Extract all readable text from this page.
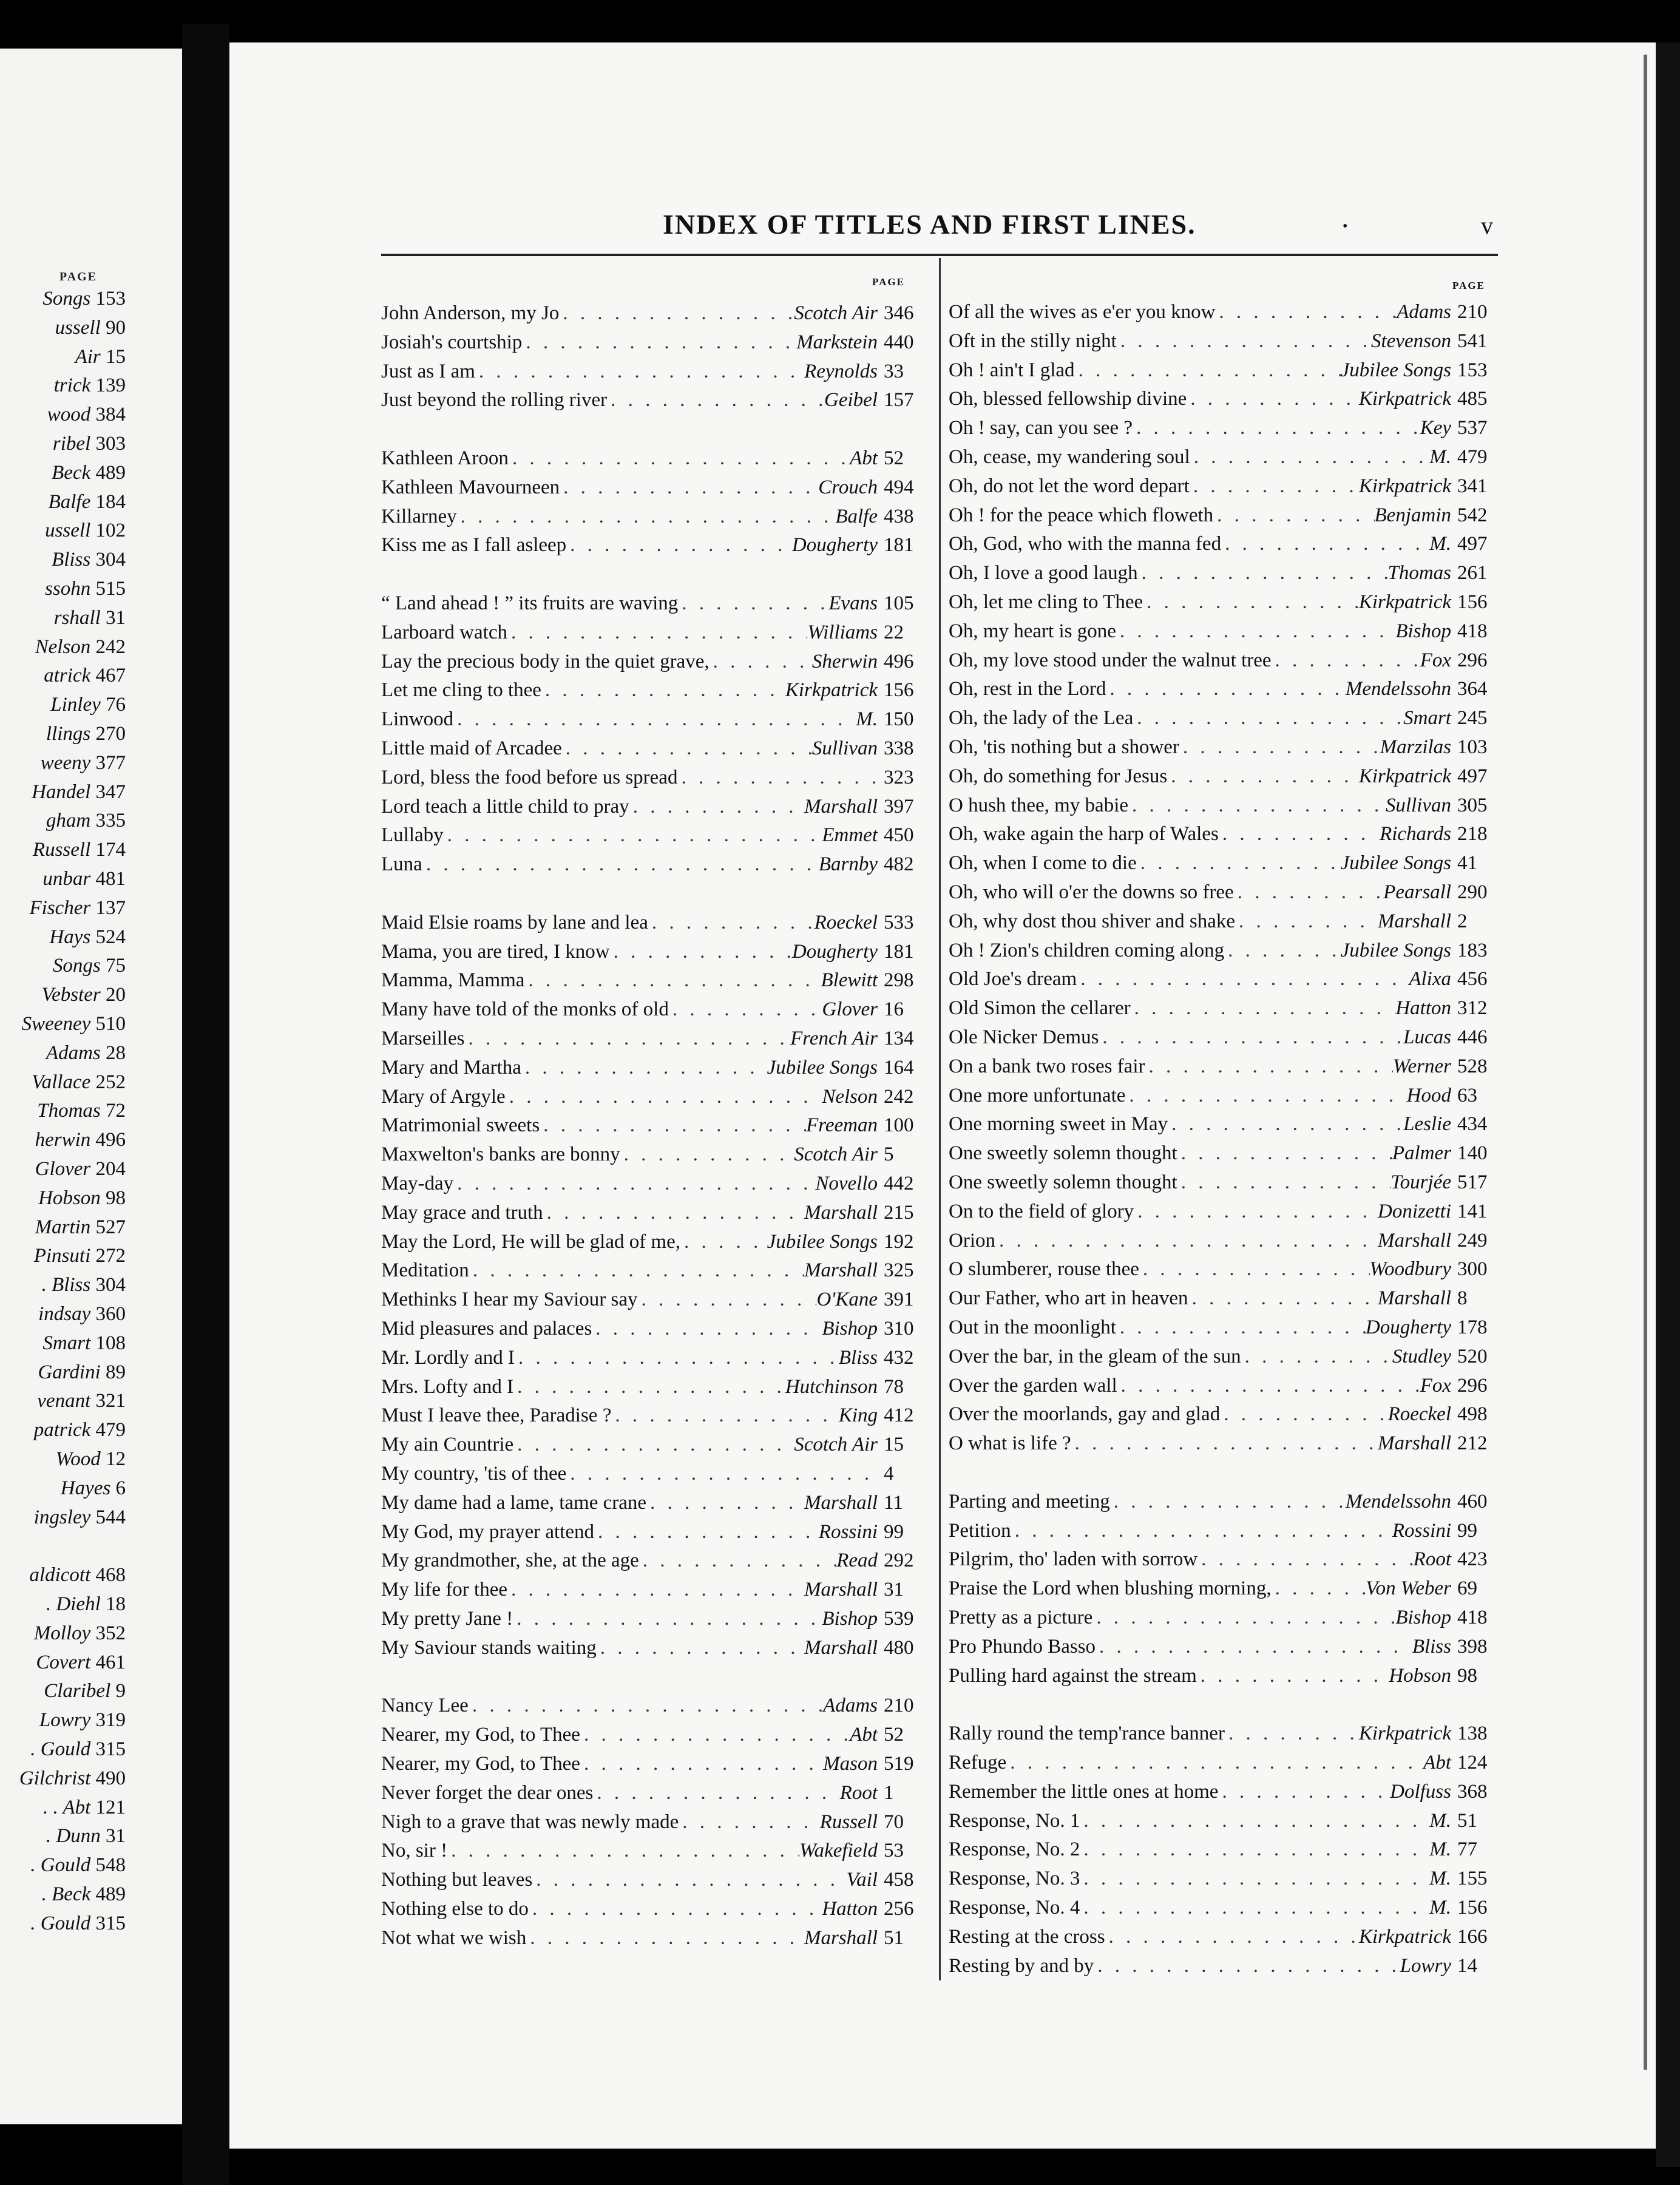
PAGE
Songs 153
ussell 90
Air 15
trick 139
wood 384
ribel 303
Beck 489
Balfe 184
ussell 102
Bliss 304
ssohn 515
rshall 31
Nelson 242
atrick 467
Linley 76
llings 270
weeny 377
Handel 347
gham 335
Russell 174
unbar 481
Fischer 137
Hays 524
Songs 75
Vebster 20
Sweeney 510
Adams 28
Vallace 252
Thomas 72
herwin 496
Glover 204
Hobson 98
Martin 527
Pinsuti 272
. Bliss 304
indsay 360
Smart 108
Gardini 89
venant 321
patrick 479
Wood 12
Hayes 6
ingsley 544
aldicott 468
. Diehl 18
Molloy 352
Covert 461
Claribel 9
Lowry 319
. Gould 315
Gilchrist 490
. . Abt 121
. Dunn 31
. Gould 548
. Beck 489
. Gould 315
INDEX OF TITLES AND FIRST LINES.	•	v
PAGE	PAGE
John Anderson, my Jo . . .	Scotch Air 346
Josiah's courtship . . .	Markstein 440
Just as I am . . .	Reynolds 33
Just beyond the rolling river . . .	Geibel 157
Kathleen Aroon . . .	Abt 52
Kathleen Mavourneen . . .	Crouch 494
Killarney . . .	Balfe 438
Kiss me as I fall asleep . . .	Dougherty 181
“ Land ahead ! ” its fruits are waving . . .	Evans 105
Larboard watch . . .	Williams 22
Lay the precious body in the quiet grave, . . .	Sherwin 496
Let me cling to thee . . .	Kirkpatrick 156
Linwood . . .	M. 150
Little maid of Arcadee . . .	Sullivan 338
Lord, bless the food before us spread . . .	323
Lord teach a little child to pray . . .	Marshall 397
Lullaby . . .	Emmet 450
Luna . . .	Barnby 482
Maid Elsie roams by lane and lea . . .	Roeckel 533
Mama, you are tired, I know . . .	Dougherty 181
Mamma, Mamma . . .	Blewitt 298
Many have told of the monks of old . . .	Glover 16
Marseilles . . .	French Air 134
Mary and Martha . . .	Jubilee Songs 164
Mary of Argyle . . .	Nelson 242
Matrimonial sweets . . .	Freeman 100
Maxwelton's banks are bonny . . .	Scotch Air 5
May-day . . .	Novello 442
May grace and truth . . .	Marshall 215
May the Lord, He will be glad of me, . . .	Jubilee Songs 192
Meditation . . .	Marshall 325
Methinks I hear my Saviour say . . .	O'Kane 391
Mid pleasures and palaces . . .	Bishop 310
Mr. Lordly and I . . .	Bliss 432
Mrs. Lofty and I . . .	Hutchinson 78
Must I leave thee, Paradise ? . . .	King 412
My ain Countrie . . .	Scotch Air 15
My country, 'tis of thee . . .	4
My dame had a lame, tame crane . . .	Marshall 11
My God, my prayer attend . . .	Rossini 99
My grandmother, she, at the age . . .	Read 292
My life for thee . . .	Marshall 31
My pretty Jane ! . . .	Bishop 539
My Saviour stands waiting . . .	Marshall 480
Nancy Lee . . .	Adams 210
Nearer, my God, to Thee . . .	Abt 52
Nearer, my God, to Thee . . .	Mason 519
Never forget the dear ones . . .	Root 1
Nigh to a grave that was newly made . . .	Russell 70
No, sir ! . . .	Wakefield 53
Nothing but leaves . . .	Vail 458
Nothing else to do . . .	Hatton 256
Not what we wish . . .	Marshall 51
Of all the wives as e'er you know . . .	Adams 210
Oft in the stilly night . . .	Stevenson 541
Oh ! ain't I glad . . .	Jubilee Songs 153
Oh, blessed fellowship divine . . .	Kirkpatrick 485
Oh ! say, can you see ? . . .	Key 537
Oh, cease, my wandering soul . . .	M. 479
Oh, do not let the word depart . . .	Kirkpatrick 341
Oh ! for the peace which floweth . . .	Benjamin 542
Oh, God, who with the manna fed . . .	M. 497
Oh, I love a good laugh . . .	Thomas 261
Oh, let me cling to Thee . . .	Kirkpatrick 156
Oh, my heart is gone . . .	Bishop 418
Oh, my love stood under the walnut tree . . .	Fox 296
Oh, rest in the Lord . . .	Mendelssohn 364
Oh, the lady of the Lea . . .	Smart 245
Oh, 'tis nothing but a shower . . .	Marzilas 103
Oh, do something for Jesus . . .	Kirkpatrick 497
O hush thee, my babie . . .	Sullivan 305
Oh, wake again the harp of Wales . . .	Richards 218
Oh, when I come to die . . .	Jubilee Songs 41
Oh, who will o'er the downs so free . . .	Pearsall 290
Oh, why dost thou shiver and shake . . .	Marshall 2
Oh ! Zion's children coming along . . .	Jubilee Songs 183
Old Joe's dream . . .	Alixa 456
Old Simon the cellarer . . .	Hatton 312
Ole Nicker Demus . . .	Lucas 446
On a bank two roses fair . . .	Werner 528
One more unfortunate . . .	Hood 63
One morning sweet in May . . .	Leslie 434
One sweetly solemn thought . . .	Palmer 140
One sweetly solemn thought . . .	Tourjée 517
On to the field of glory . . .	Donizetti 141
Orion . . .	Marshall 249
O slumberer, rouse thee . . .	Woodbury 300
Our Father, who art in heaven . . .	Marshall 8
Out in the moonlight . . .	Dougherty 178
Over the bar, in the gleam of the sun . . .	Studley 520
Over the garden wall . . .	Fox 296
Over the moorlands, gay and glad . . .	Roeckel 498
O what is life ? . . .	Marshall 212
Parting and meeting . . .	Mendelssohn 460
Petition . . .	Rossini 99
Pilgrim, tho' laden with sorrow . . .	Root 423
Praise the Lord when blushing morning, . . .	Von Weber 69
Pretty as a picture . . .	Bishop 418
Pro Phundo Basso . . .	Bliss 398
Pulling hard against the stream . . .	Hobson 98
Rally round the temp'rance banner . . .	Kirkpatrick 138
Refuge . . .	Abt 124
Remember the little ones at home . . .	Dolfuss 368
Response, No. 1 . . .	M. 51
Response, No. 2 . . .	M. 77
Response, No. 3 . . .	M. 155
Response, No. 4 . . .	M. 156
Resting at the cross . . .	Kirkpatrick 166
Resting by and by . . .	Lowry 14
